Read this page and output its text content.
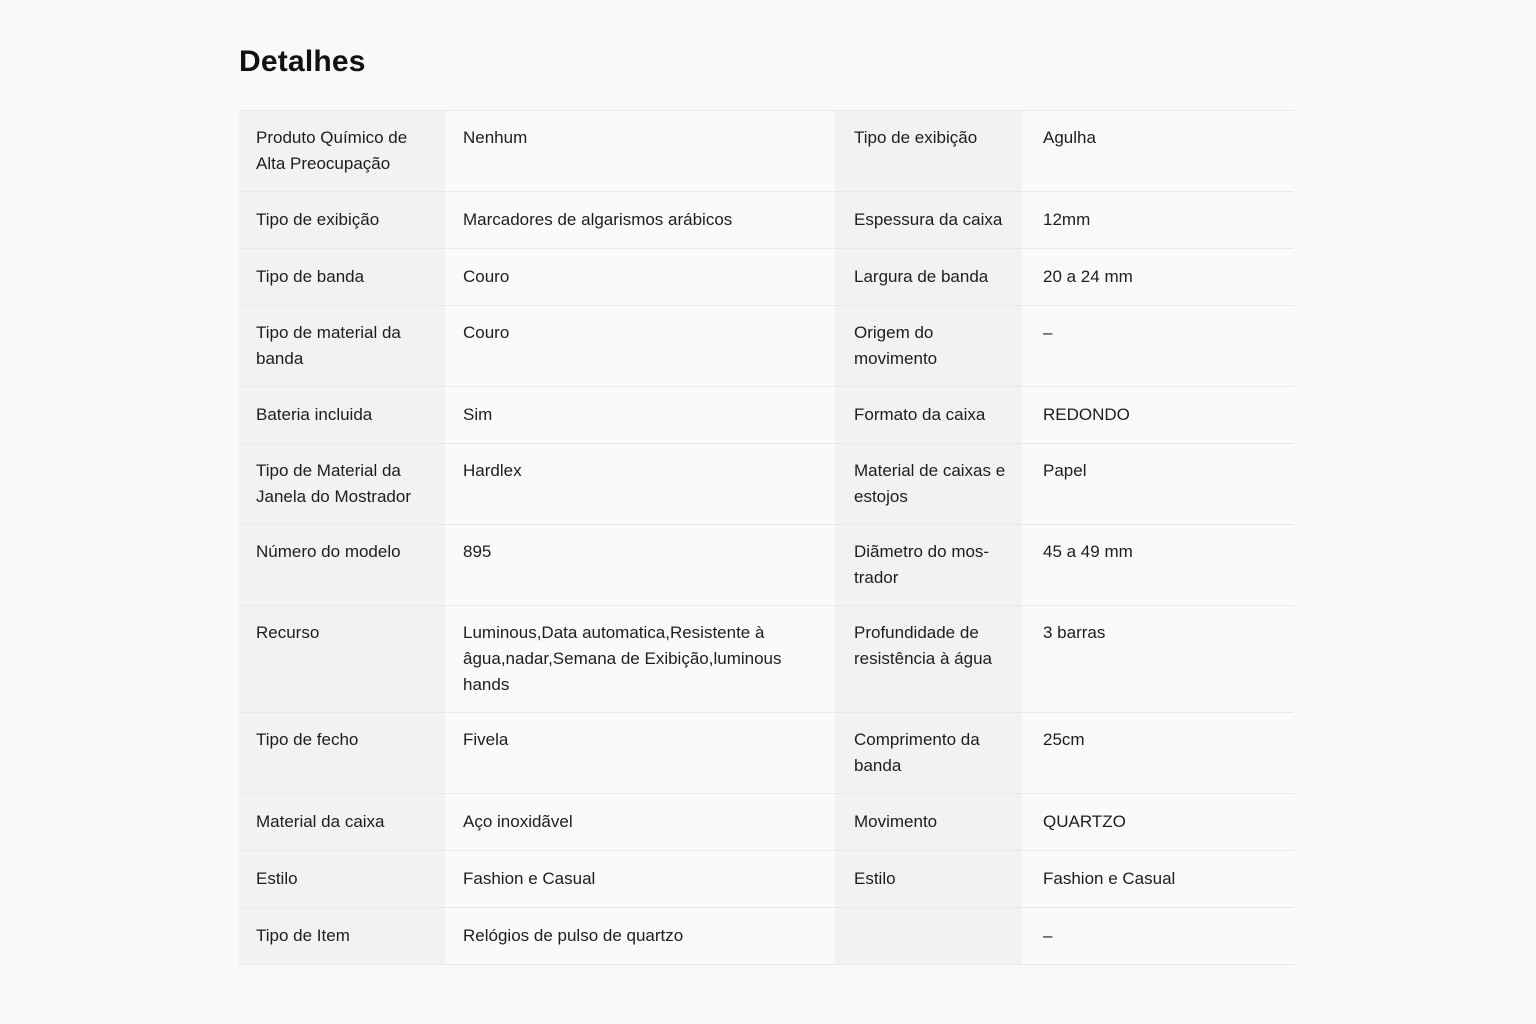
Detalhes
Produto Químico de Alta Preocupação	Nenhum	Tipo de exibição	Agulha
Tipo de exibição	Marcadores de algarismos arábicos	Espessura da caixa	12mm
Tipo de banda	Couro	Largura de banda	20 a 24 mm
Tipo de material da banda	Couro	Origem do movimento	–
Bateria incluida	Sim	Formato da caixa	REDONDO
Tipo de Material da Janela do Mostrador	Hardlex	Material de caixas e estojos	Papel
Número do modelo	895	Diãmetro do mos-trador	45 a 49 mm
Recurso	Luminous,Data automatica,Resistente à âgua,nadar,Semana de Exibição,luminous hands	Profundidade de resistência à água	3 barras
Tipo de fecho	Fivela	Comprimento da banda	25cm
Material da caixa	Aço inoxidãvel	Movimento	QUARTZO
Estilo	Fashion e Casual	Estilo	Fashion e Casual
Tipo de Item	Relógios de pulso de quartzo		–
